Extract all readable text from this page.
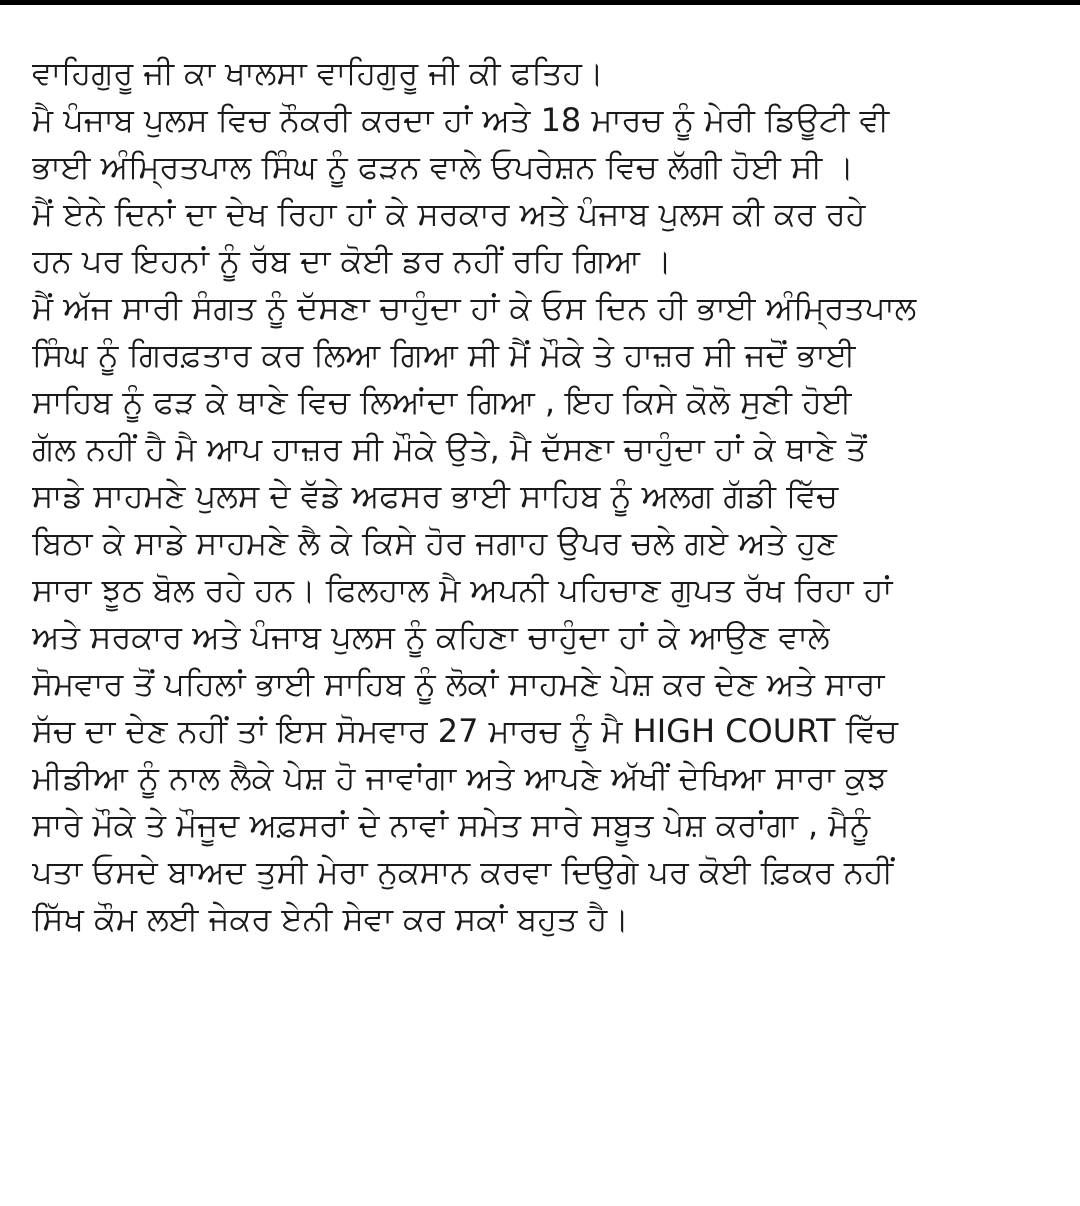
ਵਾਹਿਗੁਰੂ ਜੀ ਕਾ ਖਾਲਸਾ ਵਾਹਿਗੁਰੂ ਜੀ ਕੀ ਫਤਿਹ।
ਮੈ ਪੰਜਾਬ ਪੁਲਸ ਵਿਚ ਨੌਕਰੀ ਕਰਦਾ ਹਾਂ ਅਤੇ 18 ਮਾਰਚ ਨੂੰ ਮੇਰੀ ਡਿਊਟੀ ਵੀ
ਭਾਈ ਅੰਮ੍ਰਿਤਪਾਲ ਸਿੰਘ ਨੂੰ ਫੜਨ ਵਾਲੇ ਓਪਰੇਸ਼ਨ ਵਿਚ ਲੱਗੀ ਹੋਈ ਸੀ ।
ਮੈਂ ਏਨੇ ਦਿਨਾਂ ਦਾ ਦੇਖ ਰਿਹਾ ਹਾਂ ਕੇ ਸਰਕਾਰ ਅਤੇ ਪੰਜਾਬ ਪੁਲਸ ਕੀ ਕਰ ਰਹੇ
ਹਨ ਪਰ ਇਹਨਾਂ ਨੂੰ ਰੱਬ ਦਾ ਕੋਈ ਡਰ ਨਹੀਂ ਰਹਿ ਗਿਆ ।
ਮੈਂ ਅੱਜ ਸਾਰੀ ਸੰਗਤ ਨੂੰ ਦੱਸਣਾ ਚਾਹੁੰਦਾ ਹਾਂ ਕੇ ਓਸ ਦਿਨ ਹੀ ਭਾਈ ਅੰਮ੍ਰਿਤਪਾਲ
ਸਿੰਘ ਨੂੰ ਗਿਰਫ਼ਤਾਰ ਕਰ ਲਿਆ ਗਿਆ ਸੀ ਮੈਂ ਮੌਕੇ ਤੇ ਹਾਜ਼ਰ ਸੀ ਜਦੋਂ ਭਾਈ
ਸਾਹਿਬ ਨੂੰ ਫੜ ਕੇ ਥਾਣੇ ਵਿਚ ਲਿਆਂਦਾ ਗਿਆ , ਇਹ ਕਿਸੇ ਕੋਲੋ ਸੁਣੀ ਹੋਈ
ਗੱਲ ਨਹੀਂ ਹੈ ਮੈ ਆਪ ਹਾਜ਼ਰ ਸੀ ਮੌਕੇ ਉਤੇ, ਮੈ ਦੱਸਣਾ ਚਾਹੁੰਦਾ ਹਾਂ ਕੇ ਥਾਣੇ ਤੋਂ
ਸਾਡੇ ਸਾਹਮਣੇ ਪੁਲਸ ਦੇ ਵੱਡੇ ਅਫਸਰ ਭਾਈ ਸਾਹਿਬ ਨੂੰ ਅਲਗ ਗੱਡੀ ਵਿੱਚ
ਬਿਠਾ ਕੇ ਸਾਡੇ ਸਾਹਮਣੇ ਲੈ ਕੇ ਕਿਸੇ ਹੋਰ ਜਗਾਹ ਉਪਰ ਚਲੇ ਗਏ ਅਤੇ ਹੁਣ
ਸਾਰਾ ਝੂਠ ਬੋਲ ਰਹੇ ਹਨ। ਫਿਲਹਾਲ ਮੈ ਅਪਨੀ ਪਹਿਚਾਣ ਗੁਪਤ ਰੱਖ ਰਿਹਾ ਹਾਂ
ਅਤੇ ਸਰਕਾਰ ਅਤੇ ਪੰਜਾਬ ਪੁਲਸ ਨੂੰ ਕਹਿਣਾ ਚਾਹੁੰਦਾ ਹਾਂ ਕੇ ਆਉਣ ਵਾਲੇ
ਸੋਮਵਾਰ ਤੋਂ ਪਹਿਲਾਂ ਭਾਈ ਸਾਹਿਬ ਨੂੰ ਲੋਕਾਂ ਸਾਹਮਣੇ ਪੇਸ਼ ਕਰ ਦੇਣ ਅਤੇ ਸਾਰਾ
ਸੱਚ ਦਾ ਦੇਣ ਨਹੀਂ ਤਾਂ ਇਸ ਸੋਮਵਾਰ 27 ਮਾਰਚ ਨੂੰ ਮੈ HIGH COURT ਵਿੱਚ
ਮੀਡੀਆ ਨੂੰ ਨਾਲ ਲੈਕੇ ਪੇਸ਼ ਹੋ ਜਾਵਾਂਗਾ ਅਤੇ ਆਪਣੇ ਅੱਖੀਂ ਦੇਖਿਆ ਸਾਰਾ ਕੁਝ
ਸਾਰੇ ਮੌਕੇ ਤੇ ਮੌਜੂਦ ਅਫ਼ਸਰਾਂ ਦੇ ਨਾਵਾਂ ਸਮੇਤ ਸਾਰੇ ਸਬੂਤ ਪੇਸ਼ ਕਰਾਂਗਾ , ਮੈਨੂੰ
ਪਤਾ ਓਸਦੇ ਬਾਅਦ ਤੁਸੀ ਮੇਰਾ ਨੁਕਸਾਨ ਕਰਵਾ ਦਿਉਗੇ ਪਰ ਕੋਈ ਫ਼ਿਕਰ ਨਹੀਂ
ਸਿੱਖ ਕੌਮ ਲਈ ਜੇਕਰ ਏਨੀ ਸੇਵਾ ਕਰ ਸਕਾਂ ਬਹੁਤ ਹੈ।
